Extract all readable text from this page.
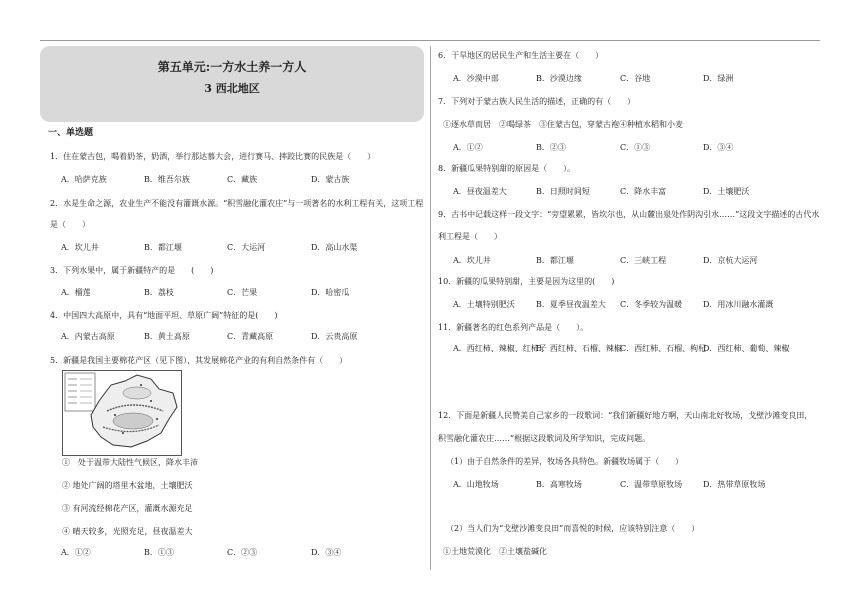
第五单元:一方水土养一方人
3 西北地区
一、单选题
1．住在蒙古包，喝着奶茶，奶酒，举行那达慕大会，进行赛马、摔跤比赛的民族是（　　）
A．哈萨克族	B．维吾尔族	C．藏族	D．蒙古族
2．水是生命之源，农业生产不能没有灌溉水源。“积雪融化灌农庄”与一项著名的水利工程有关，这项工程
是（　　）
A．坎儿井	B．都江堰	C．大运河	D．高山水渠
3．下列水果中，属于新疆特产的是　　(　　)
A．榴莲	B．荔枝	C．芒果	D．哈密瓜
4．中国四大高原中，具有“地面平坦、草原广阔”特征的是(　　)
A．内蒙古高原	B．黄土高原	C．青藏高原	D．云贵高原
5．新疆是我国主要棉花产区（见下图），其发展棉花产业的有利自然条件有（　　）
①　处于温带大陆性气候区，降水丰沛
② 地处广阔的塔里木盆地，土壤肥沃
③ 有河流经棉花产区，灌溉水源充足
④ 晴天较多，光照充足，昼夜温差大
A．①②	B．①③	C．②③	D．③④
6．干旱地区的居民生产和生活主要在（　　）
A．沙漠中部	B．沙漠边缘	C．谷地	D．绿洲
7．下列对于蒙古族人民生活的描述，正确的有（　　）
①逐水草而居　②喝绿茶　③住蒙古包，穿蒙古袍④种植水稻和小麦
A．①②	B．②③	C．①③	D．③④
8．新疆瓜果特别甜的原因是（　　）。
A．昼夜温差大	B．日照时间短	C．降水丰富	D．土壤肥沃
9．古书中记载这样一段文字：“旁望累累，皆坎尔也，从山麓出泉处作阴沟引水……”这段文字描述的古代水
利工程是（　　）
A．坎儿井	B．都江堰	C．三峡工程	D．京杭大运河
10．新疆的瓜果特别甜，主要是因为这里的(　　)
A．土壤特别肥沃	B．夏季昼夜温差大 C．冬季较为温暖	D．用冰川融水灌溉
11．新疆著名的红色系列产品是（　　）。
A．西红柿、辣椒、红柿子
B．西红柿、石榴、辣椒
C．西红柿、石榴、枸杞
D．西红柿、葡萄、辣椒
12．下面是新疆人民赞美自己家乡的一段歌词：“我们新疆好地方啊，天山南北好牧场，戈壁沙滩变良田，
积雪融化灌农庄……”根据这段歌词及所学知识，完成问题。
（1）由于自然条件的差异，牧场各具特色。新疆牧场属于（　　）
A．山地牧场	B．高寒牧场	C．温带草原牧场	D．热带草原牧场
（2）当人们为“戈壁沙滩变良田”而喜悦的时候，应该特别注意（　　）
①土地荒漠化　②土壤盐碱化
